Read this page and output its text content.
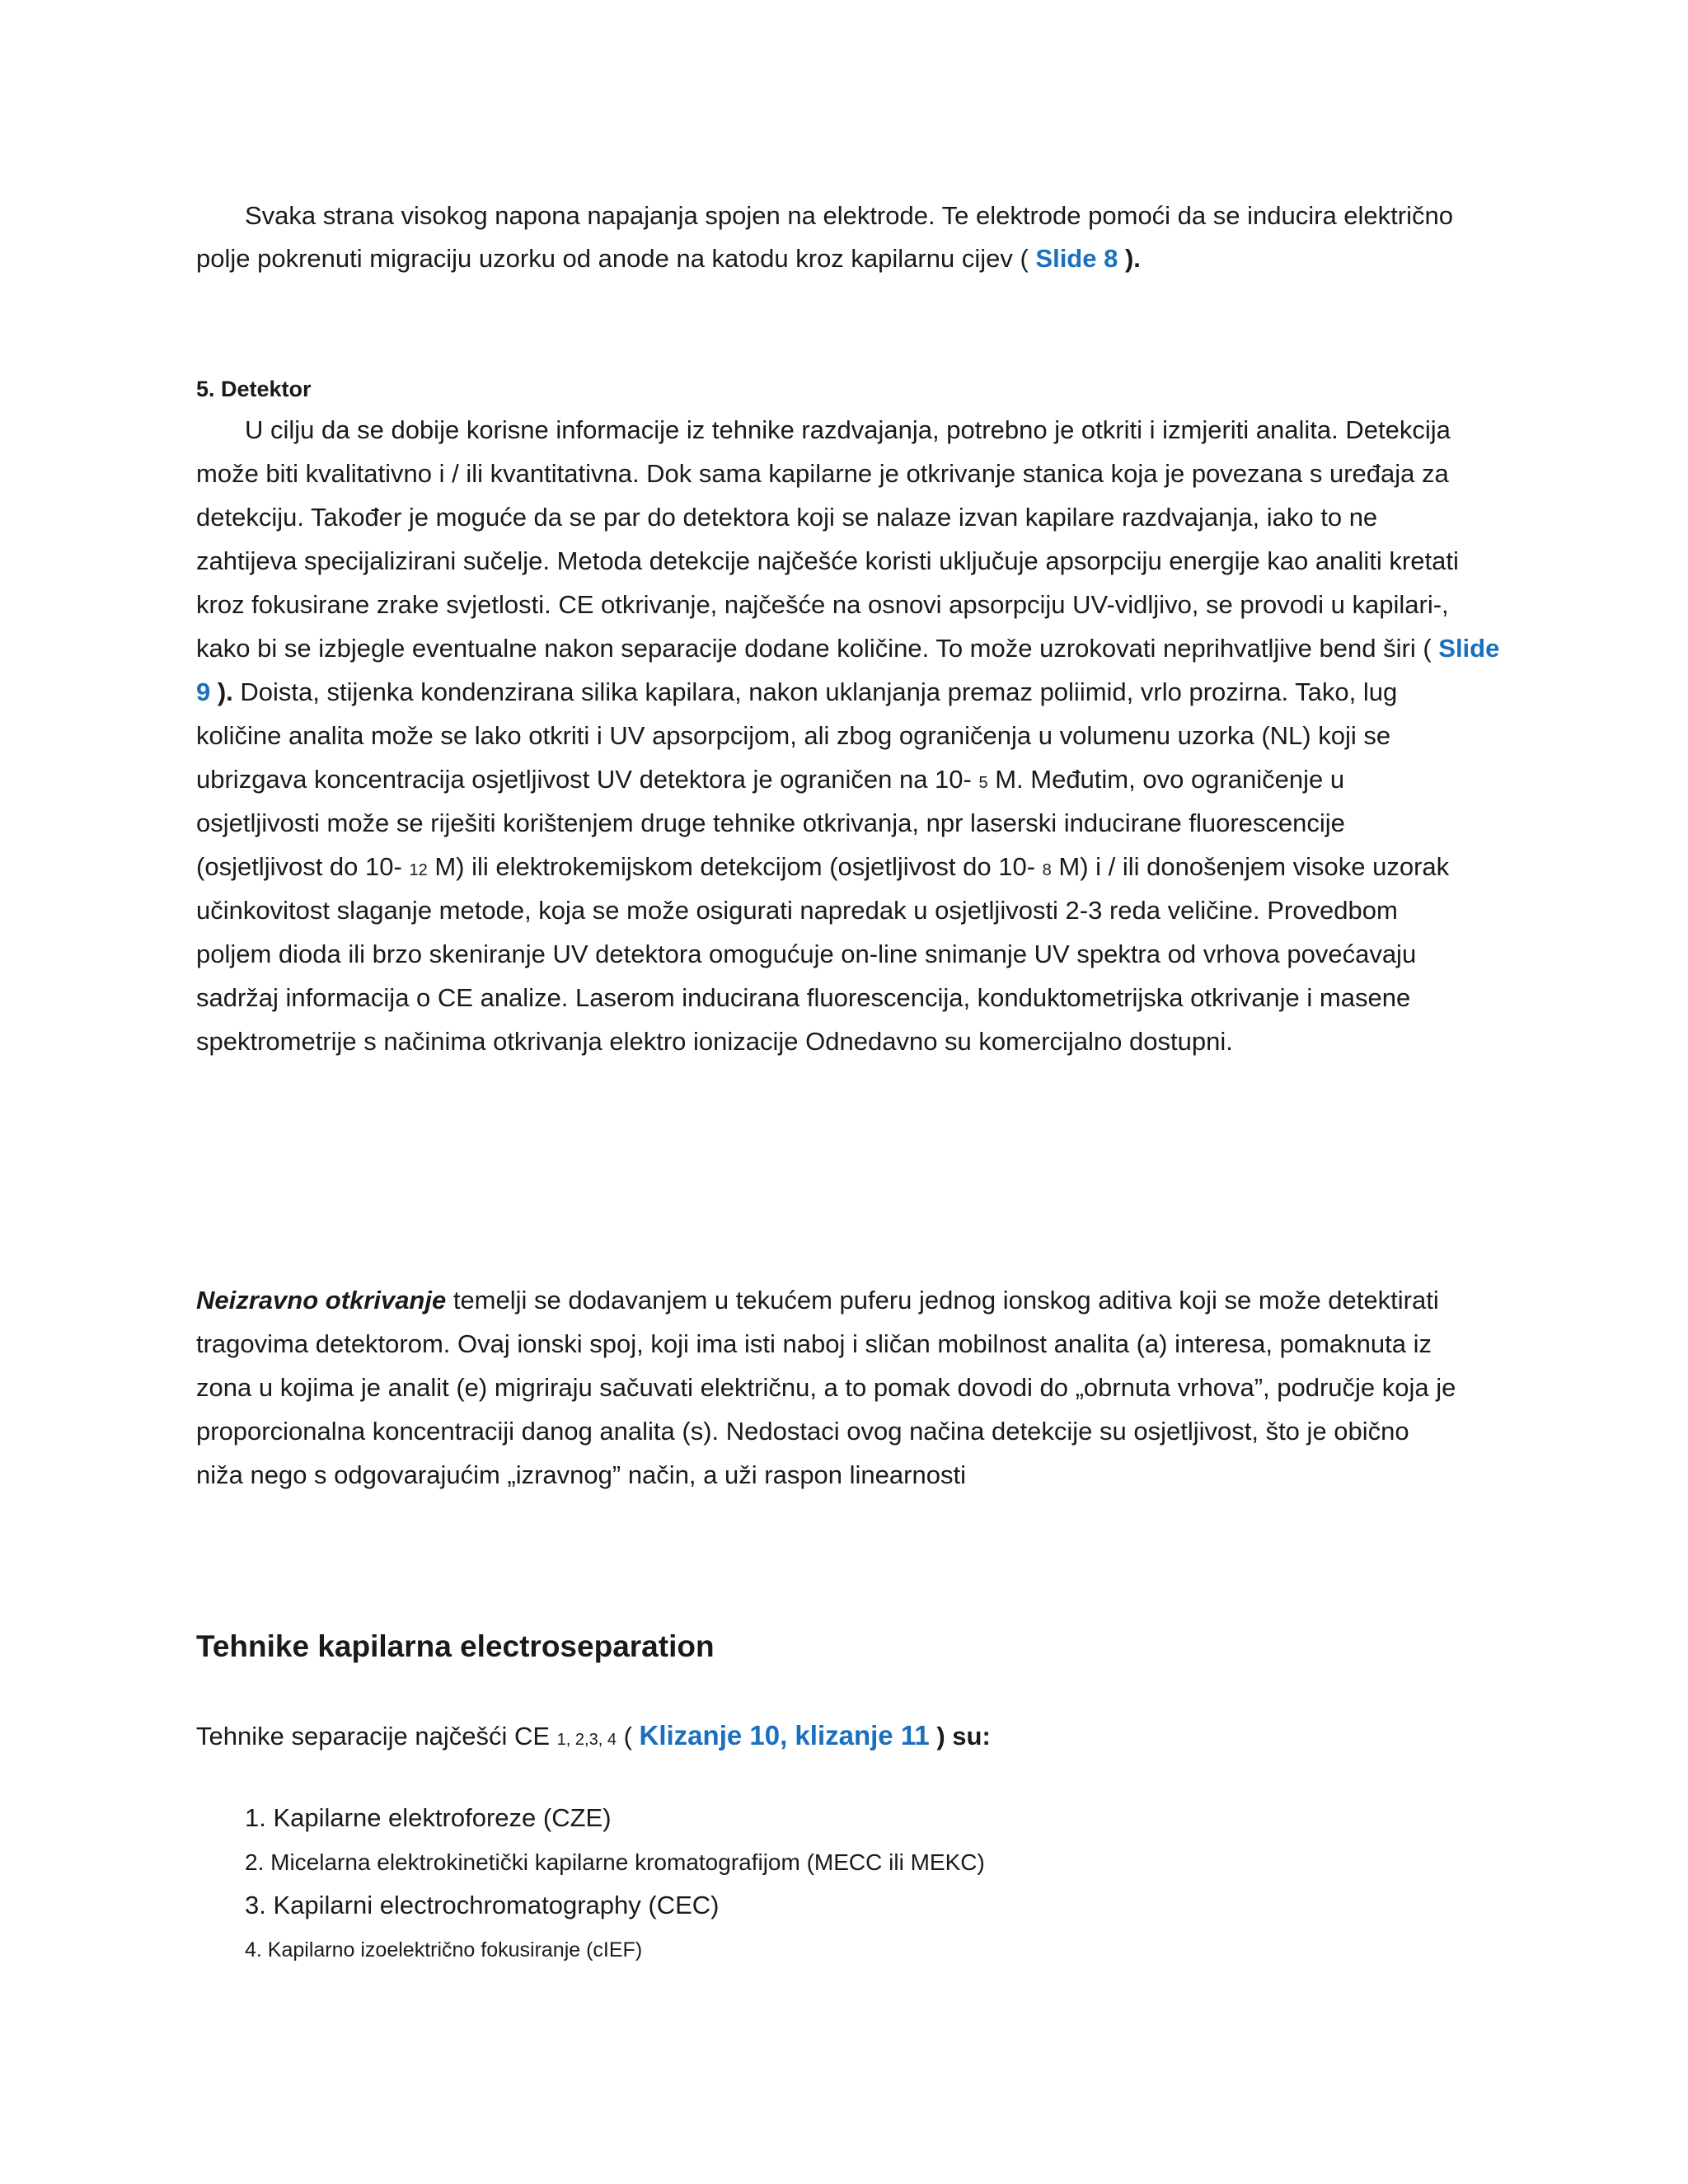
Svaka strana visokog napona napajanja spojen na elektrode. Te elektrode pomoći da se inducira električno
polje pokrenuti migraciju uzorku od anode na katodu kroz kapilarnu cijev ( Slide 8 ).
5. Detektor
U cilju da se dobije korisne informacije iz tehnike razdvajanja, potrebno je otkriti i izmjeriti analita. Detekcija
može biti kvalitativno i / ili kvantitativna. Dok sama kapilarne je otkrivanje stanica koja je povezana s uređaja za
detekciju. Također je moguće da se par do detektora koji se nalaze izvan kapilare razdvajanja, iako to ne
zahtijeva specijalizirani sučelje. Metoda detekcije najčešće koristi uključuje apsorpciju energije kao analiti kretati
kroz fokusirane zrake svjetlosti. CE otkrivanje, najčešće na osnovi apsorpciju UV-vidljivo, se provodi u kapilari-,
kako bi se izbjegle eventualne nakon separacije dodane količine. To može uzrokovati neprihvatljive bend širi ( Slide
9 ). Doista, stijenka kondenzirana silika kapilara, nakon uklanjanja premaz poliimid, vrlo prozirna. Tako, lug
količine analita može se lako otkriti i UV apsorpcijom, ali zbog ograničenja u volumenu uzorka (NL) koji se
ubrizgava koncentracija osjetljivost UV detektora je ograničen na 10- 5 M. Međutim, ovo ograničenje u
osjetljivosti može se riješiti korištenjem druge tehnike otkrivanja, npr laserski inducirane fluorescencije
(osjetljivost do 10- 12 M) ili elektrokemijskom detekcijom (osjetljivost do 10- 8 M) i / ili donošenjem visoke uzorak
učinkovitost slaganje metode, koja se može osigurati napredak u osjetljivosti 2-3 reda veličine. Provedbom
poljem dioda ili brzo skeniranje UV detektora omogućuje on-line snimanje UV spektra od vrhova povećavaju
sadržaj informacija o CE analize. Laserom inducirana fluorescencija, konduktometrijska otkrivanje i masene
spektrometrije s načinima otkrivanja elektro ionizacije Odnedavno su komercijalno dostupni.
Neizravno otkrivanje temelji se dodavanjem u tekućem puferu jednog ionskog aditiva koji se može detektirati
tragovima detektorom. Ovaj ionski spoj, koji ima isti naboj i sličan mobilnost analita (a) interesa, pomaknuta iz
zona u kojima je analit (e) migriraju sačuvati električnu, a to pomak dovodi do „obrnuta vrhova”, područje koja je
proporcionalna koncentraciji danog analita (s). Nedostaci ovog načina detekcije su osjetljivost, što je obično
niža nego s odgovarajućim „izravnog” način, a uži raspon linearnosti
Tehnike kapilarna electroseparation
Tehnike separacije najčešći CE 1, 2,3, 4 ( Klizanje 10, klizanje 11 ) su:
1. Kapilarne elektroforeze (CZE)
2. Micelarna elektrokinetički kapilarne kromatografijom (MECC ili MEKC)
3. Kapilarni electrochromatography (CEC)
4. Kapilarno izoelektrično fokusiranje (cIEF)
